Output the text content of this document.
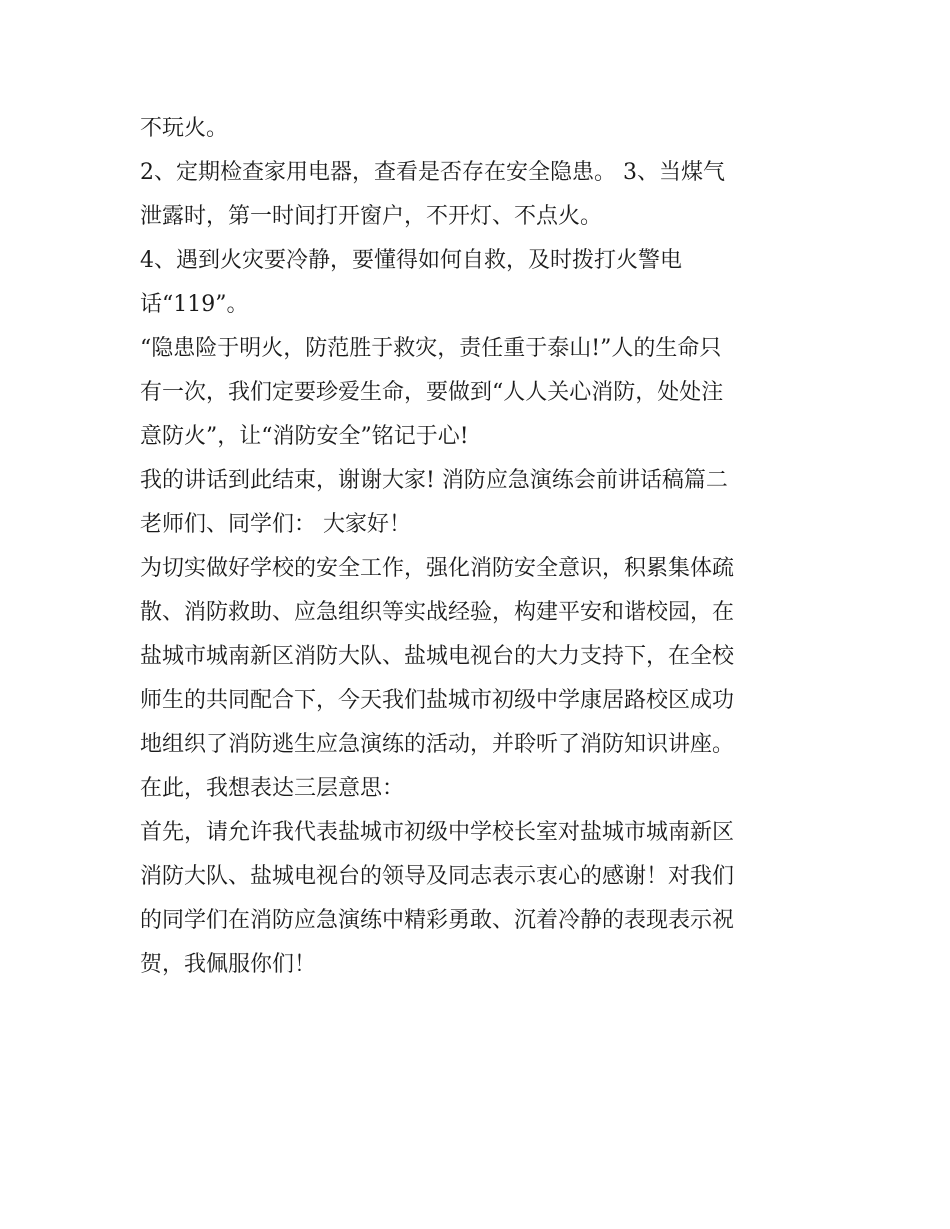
不玩火。

2、定期检查家用电器，查看是否存在安全隐患。 3、当煤气

泄露时，第一时间打开窗户，不开灯、不点火。

4、遇到火灾要冷静，要懂得如何自救，及时拨打火警电

话“119”。

“隐患险于明火，防范胜于救灾，责任重于泰山!”人的生命只

有一次，我们定要珍爱生命，要做到“人人关心消防，处处注

意防火”，让“消防安全”铭记于心!

我的讲话到此结束，谢谢大家! 消防应急演练会前讲话稿篇二

老师们、同学们： 大家好！

为切实做好学校的安全工作，强化消防安全意识，积累集体疏

散、消防救助、应急组织等实战经验，构建平安和谐校园，在

盐城市城南新区消防大队、盐城电视台的大力支持下，在全校

师生的共同配合下，今天我们盐城市初级中学康居路校区成功

地组织了消防逃生应急演练的活动，并聆听了消防知识讲座。

在此，我想表达三层意思：

首先，请允许我代表盐城市初级中学校长室对盐城市城南新区

消防大队、盐城电视台的领导及同志表示衷心的感谢！对我们

的同学们在消防应急演练中精彩勇敢、沉着冷静的表现表示祝

贺，我佩服你们！
